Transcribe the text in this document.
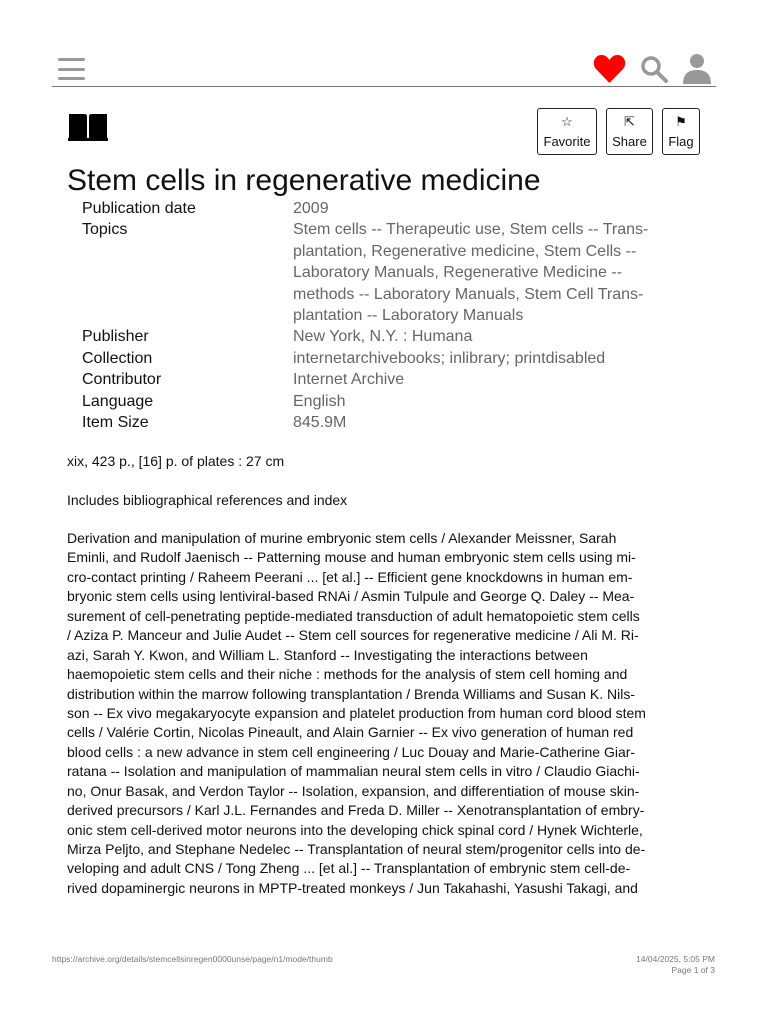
☆
Favorite
⇱
Share
⚑
Flag
Stem cells in regenerative medicine
Publication date	2009
Topics	Stem cells -- Therapeutic use, Stem cells -- Trans-
plantation, Regenerative medicine, Stem Cells --
Laboratory Manuals, Regenerative Medicine --
methods -- Laboratory Manuals, Stem Cell Trans-
plantation -- Laboratory Manuals
Publisher	New York, N.Y. : Humana
Collection	internetarchivebooks; inlibrary; printdisabled
Contributor	Internet Archive
Language	English
Item Size	845.9M
xix, 423 p., [16] p. of plates : 27 cm
Includes bibliographical references and index
Derivation and manipulation of murine embryonic stem cells / Alexander Meissner, Sarah
Eminli, and Rudolf Jaenisch -- Patterning mouse and human embryonic stem cells using mi-
cro-contact printing / Raheem Peerani ... [et al.] -- Efficient gene knockdowns in human em-
bryonic stem cells using lentiviral-based RNAi / Asmin Tulpule and George Q. Daley -- Mea-
surement of cell-penetrating peptide-mediated transduction of adult hematopoietic stem cells
/ Aziza P. Manceur and Julie Audet -- Stem cell sources for regenerative medicine / Ali M. Ri-
azi, Sarah Y. Kwon, and William L. Stanford -- Investigating the interactions between
haemopoietic stem cells and their niche : methods for the analysis of stem cell homing and
distribution within the marrow following transplantation / Brenda Williams and Susan K. Nils-
son -- Ex vivo megakaryocyte expansion and platelet production from human cord blood stem
cells / Valérie Cortin, Nicolas Pineault, and Alain Garnier -- Ex vivo generation of human red
blood cells : a new advance in stem cell engineering / Luc Douay and Marie-Catherine Giar-
ratana -- Isolation and manipulation of mammalian neural stem cells in vitro / Claudio Giachi-
no, Onur Basak, and Verdon Taylor -- Isolation, expansion, and differentiation of mouse skin-
derived precursors / Karl J.L. Fernandes and Freda D. Miller -- Xenotransplantation of embry-
onic stem cell-derived motor neurons into the developing chick spinal cord / Hynek Wichterle,
Mirza Peljto, and Stephane Nedelec -- Transplantation of neural stem/progenitor cells into de-
veloping and adult CNS / Tong Zheng ... [et al.] -- Transplantation of embrynic stem cell-de-
rived dopaminergic neurons in MPTP-treated monkeys / Jun Takahashi, Yasushi Takagi, and
https://archive.org/details/stemcellsinregen0000unse/page/n1/mode/thumb	14/04/2025, 5:05 PM
Page 1 of 3
